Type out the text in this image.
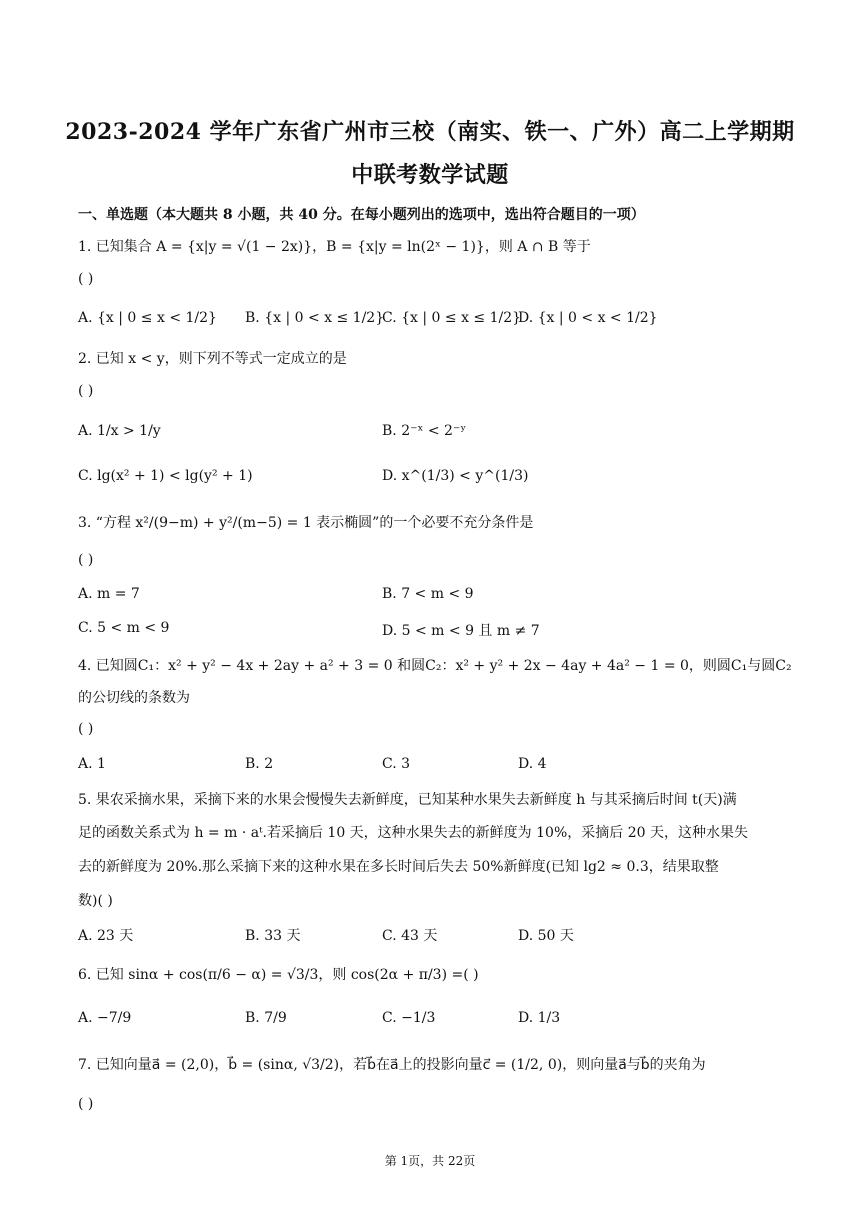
2023-2024 学年广东省广州市三校（南实、铁一、广外）高二上学期期
中联考数学试题
一、单选题（本大题共 8 小题，共 40 分。在每小题列出的选项中，选出符合题目的一项）
1. 已知集合 A = {x|y = √(1 − 2x)}，B = {x|y = ln(2ˣ − 1)}，则 A ∩ B 等于
( )
A. {x | 0 ≤ x < 1/2} B. {x | 0 < x ≤ 1/2}
C. {x | 0 ≤ x ≤ 1/2}
D. {x | 0 < x < 1/2}
2. 已知 x < y，则下列不等式一定成立的是
( )
A. 1/x > 1/y	B. 2⁻ˣ < 2⁻ʸ
C. lg(x² + 1) < lg(y² + 1)	D. x^(1/3) < y^(1/3)
3. “方程 x²/(9−m) + y²/(m−5) = 1 表示椭圆”的一个必要不充分条件是
( )
A. m = 7	B. 7 < m < 9
C. 5 < m < 9	D. 5 < m < 9 且 m ≠ 7
4. 已知圆C₁：x² + y² − 4x + 2ay + a² + 3 = 0 和圆C₂：x² + y² + 2x − 4ay + 4a² − 1 = 0，则圆C₁与圆C₂
的公切线的条数为
( )
A. 1	B. 2	C. 3	D. 4
5. 果农采摘水果，采摘下来的水果会慢慢失去新鲜度，已知某种水果失去新鲜度 h 与其采摘后时间 t(天)满
足的函数关系式为 h = m · aᵗ.若采摘后 10 天，这种水果失去的新鲜度为 10%，采摘后 20 天，这种水果失
去的新鲜度为 20%.那么采摘下来的这种水果在多长时间后失去 50%新鲜度(已知 lg2 ≈ 0.3，结果取整
数)( )
A. 23 天	B. 33 天	C. 43 天	D. 50 天
6. 已知 sinα + cos(π/6 − α) = √3/3，则 cos(2α + π/3) =( )
A. −7/9	B. 7/9	C. −1/3	D. 1/3
7. 已知向量a⃗ = (2,0)，b⃗ = (sinα, √3/2)，若b⃗在a⃗上的投影向量c⃗ = (1/2, 0)，则向量a⃗与b⃗的夹角为
( )
第 1页，共 22页
